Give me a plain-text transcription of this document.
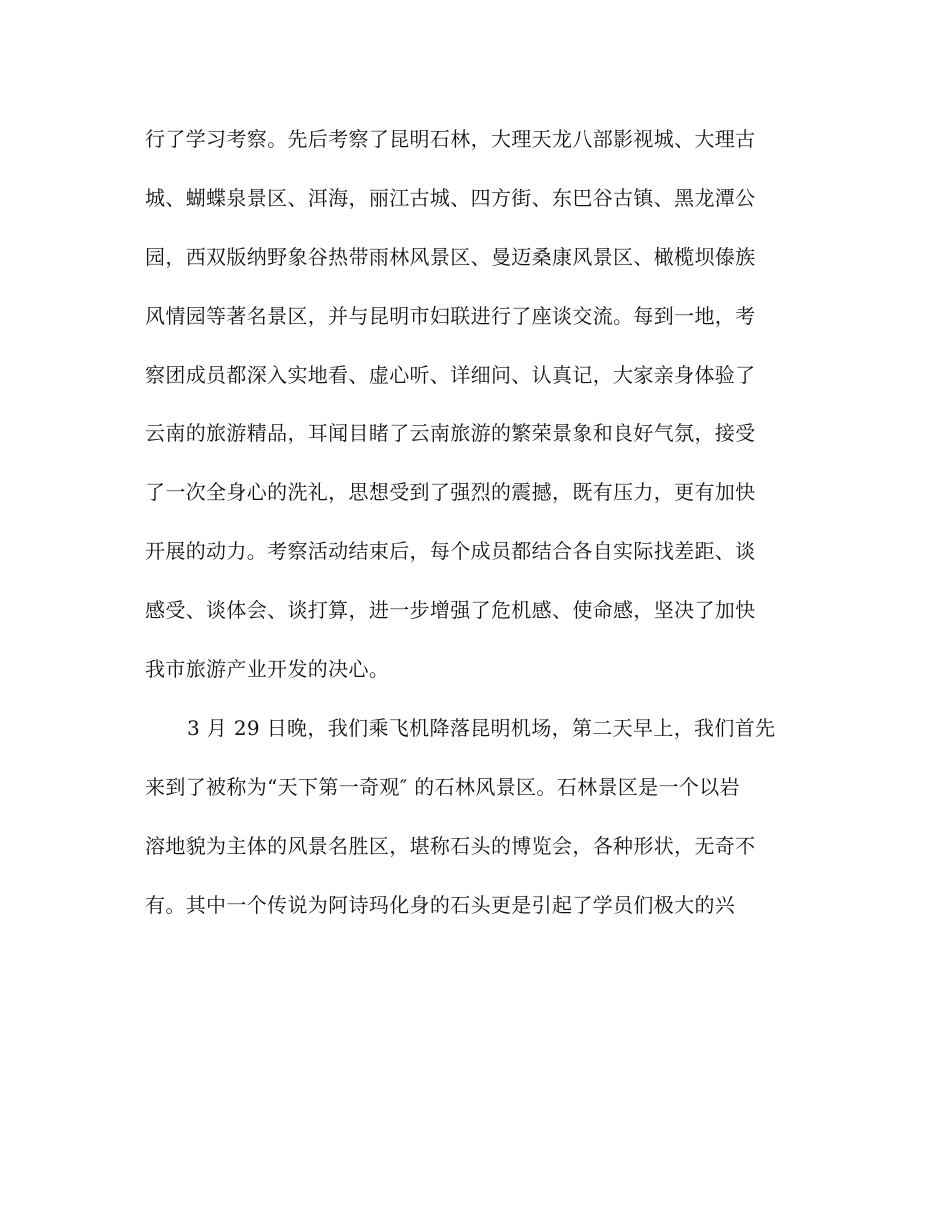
行了学习考察。先后考察了昆明石林，大理天龙八部影视城、大理古
城、蝴蝶泉景区、洱海，丽江古城、四方街、东巴谷古镇、黑龙潭公
园，西双版纳野象谷热带雨林风景区、曼迈桑康风景区、橄榄坝傣族
风情园等著名景区，并与昆明市妇联进行了座谈交流。每到一地，考
察团成员都深入实地看、虚心听、详细问、认真记，大家亲身体验了
云南的旅游精品，耳闻目睹了云南旅游的繁荣景象和良好气氛，接受
了一次全身心的洗礼，思想受到了强烈的震撼，既有压力，更有加快
开展的动力。考察活动结束后，每个成员都结合各自实际找差距、谈
感受、谈体会、谈打算，进一步增强了危机感、使命感，坚决了加快
我市旅游产业开发的决心。
3 月 29 日晚，我们乘飞机降落昆明机场，第二天早上，我们首先
来到了被称为“天下第一奇观″ 的石林风景区。石林景区是一个以岩
溶地貌为主体的风景名胜区，堪称石头的博览会，各种形状，无奇不
有。其中一个传说为阿诗玛化身的石头更是引起了学员们极大的兴
